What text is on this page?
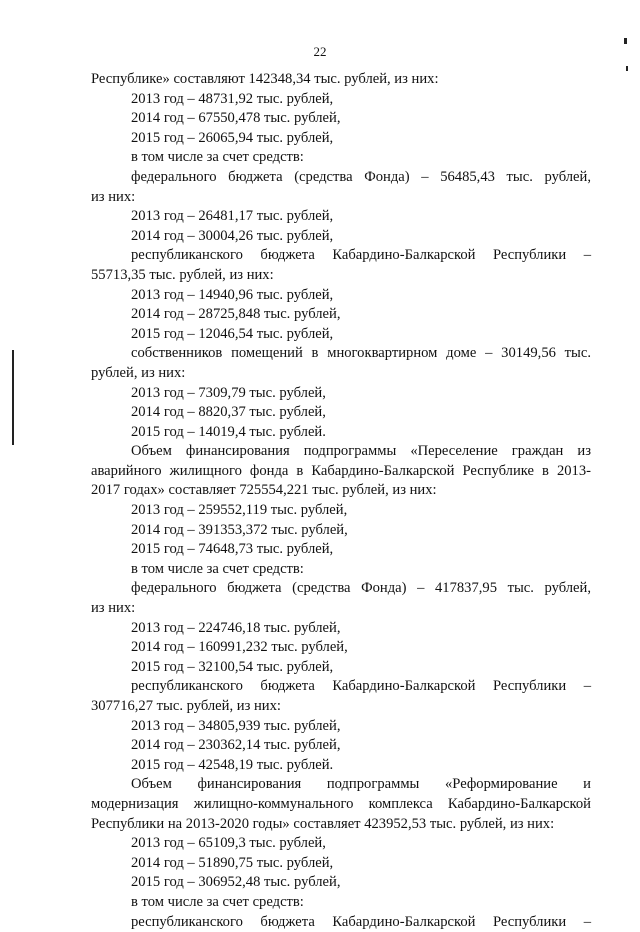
22
Республике» составляют 142348,34 тыс. рублей, из них:
2013 год – 48731,92 тыс. рублей,
2014 год – 67550,478 тыс. рублей,
2015 год – 26065,94 тыс. рублей,
в том числе за счет средств:
федерального бюджета (средства Фонда) – 56485,43 тыс. рублей,
из них:
2013 год – 26481,17 тыс. рублей,
2014 год – 30004,26 тыс. рублей,
республиканского бюджета Кабардино-Балкарской Республики –
55713,35 тыс. рублей, из них:
2013 год – 14940,96 тыс. рублей,
2014 год – 28725,848 тыс. рублей,
2015 год – 12046,54 тыс. рублей,
собственников помещений в многоквартирном доме – 30149,56 тыс.
рублей, из них:
2013 год – 7309,79 тыс. рублей,
2014 год – 8820,37 тыс. рублей,
2015 год – 14019,4 тыс. рублей.
Объем финансирования подпрограммы «Переселение граждан из
аварийного жилищного фонда в Кабардино-Балкарской Республике в 2013-
2017 годах» составляет 725554,221 тыс. рублей, из них:
2013 год – 259552,119 тыс. рублей,
2014 год – 391353,372 тыс. рублей,
2015 год – 74648,73 тыс. рублей,
в том числе за счет средств:
федерального бюджета (средства Фонда) – 417837,95 тыс. рублей,
из них:
2013 год – 224746,18 тыс. рублей,
2014 год – 160991,232 тыс. рублей,
2015 год – 32100,54 тыс. рублей,
республиканского бюджета Кабардино-Балкарской Республики –
307716,27 тыс. рублей, из них:
2013 год – 34805,939 тыс. рублей,
2014 год – 230362,14 тыс. рублей,
2015 год – 42548,19 тыс. рублей.
Объем финансирования подпрограммы «Реформирование и
модернизация жилищно-коммунального комплекса Кабардино-Балкарской
Республики на 2013-2020 годы» составляет 423952,53 тыс. рублей, из них:
2013 год – 65109,3 тыс. рублей,
2014 год – 51890,75 тыс. рублей,
2015 год – 306952,48 тыс. рублей,
в том числе за счет средств:
республиканского бюджета Кабардино-Балкарской Республики –
